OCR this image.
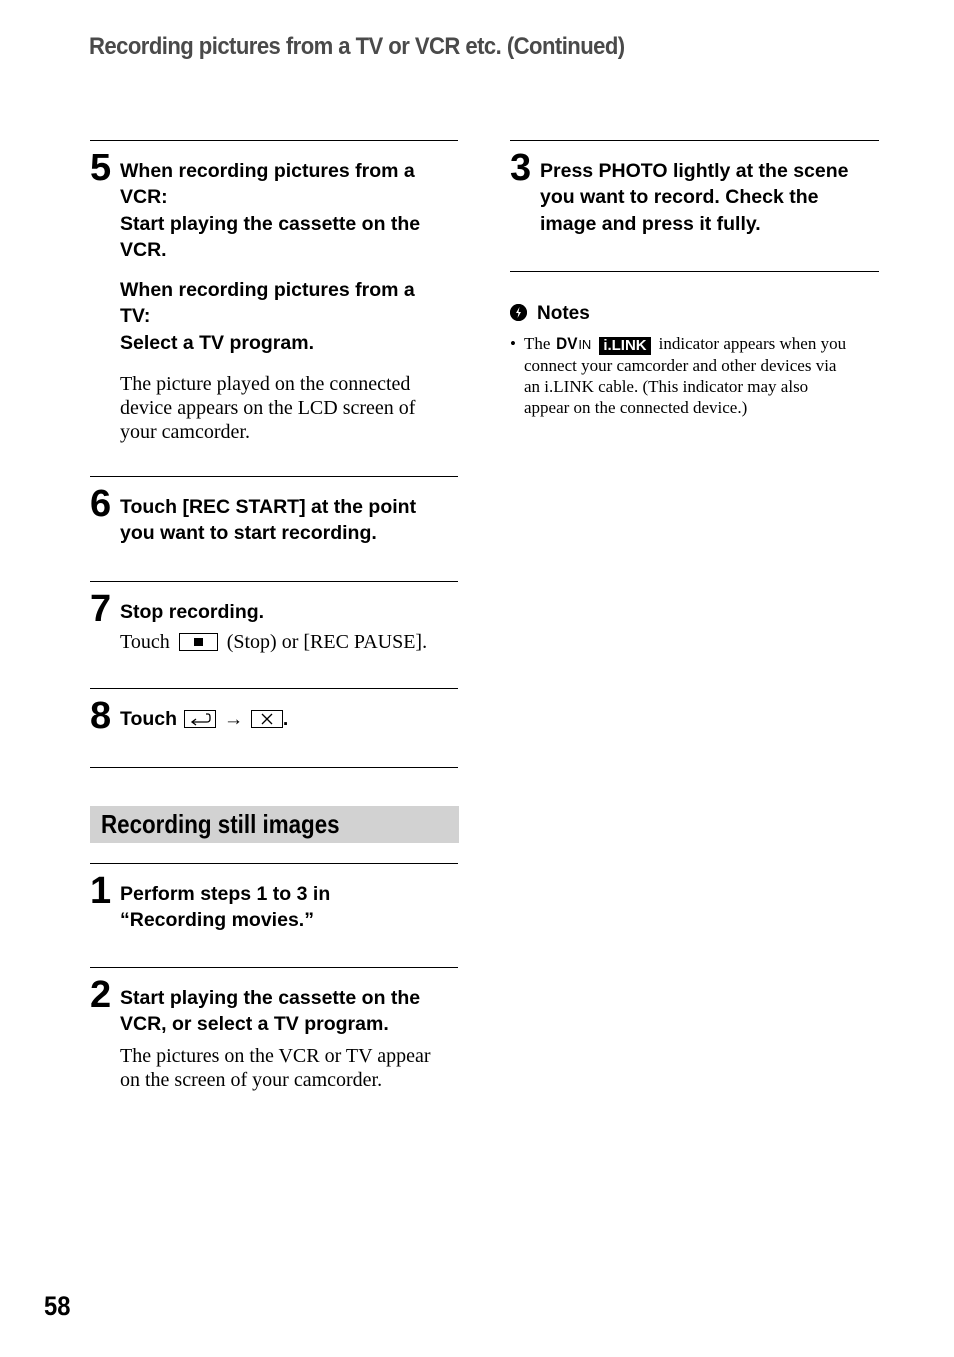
Recording pictures from a TV or VCR etc. (Continued)
5 When recording pictures from a

VCR:

Start playing the cassette on the

VCR.

When recording pictures from a

TV:

Select a TV program.

The picture played on the connected

device appears on the LCD screen of

your camcorder.

6 Touch [REC START] at the point

you want to start recording.

7 Stop recording.

Touch	(Stop) or [REC PAUSE].

8 Touch → .

Recording still images
1 Perform steps 1 to 3 in

“Recording movies.”

2 Start playing the cassette on the

VCR, or select a TV program.

The pictures on the VCR or TV appear

on the screen of your camcorder.

3 Press PHOTO lightly at the scene

you want to record. Check the

image and press it fully.

Notes
• The DVIN i.LINK indicator appears when you
connect your camcorder and other devices via
an i.LINK cable. (This indicator may also
appear on the connected device.)
58
